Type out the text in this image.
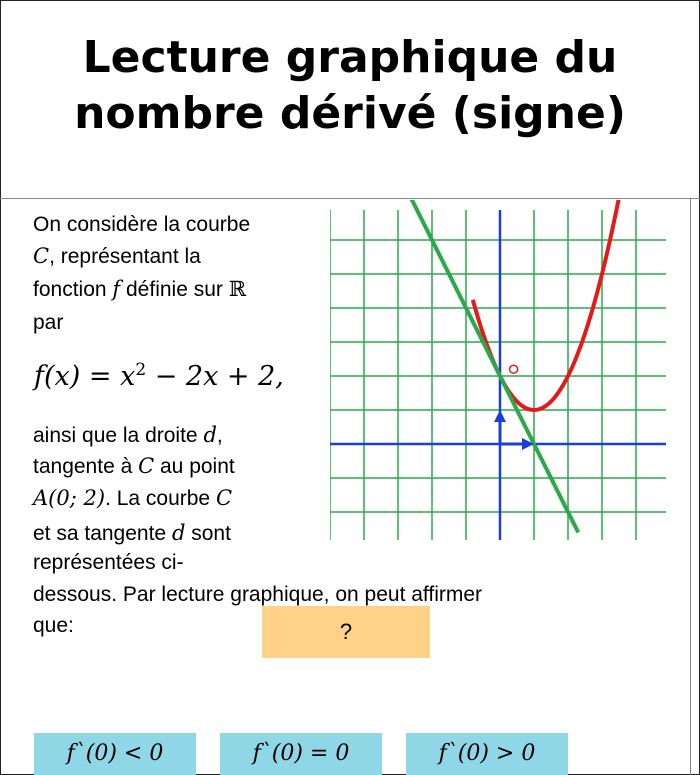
Lecture graphique du
nombre dérivé (signe)
On considère la courbe
C, représentant la
fonction f définie sur ℝ
par
$f(x) = x^2 - 2x + 2$,
ainsi que la droite d,
tangente à C au point
A(0; 2). La courbe C
et sa tangente d sont
représentées ci-
dessous. Par lecture graphique, on peut affirmer
que:	?
f`(0) < 0	f`(0) = 0	f`(0) > 0
